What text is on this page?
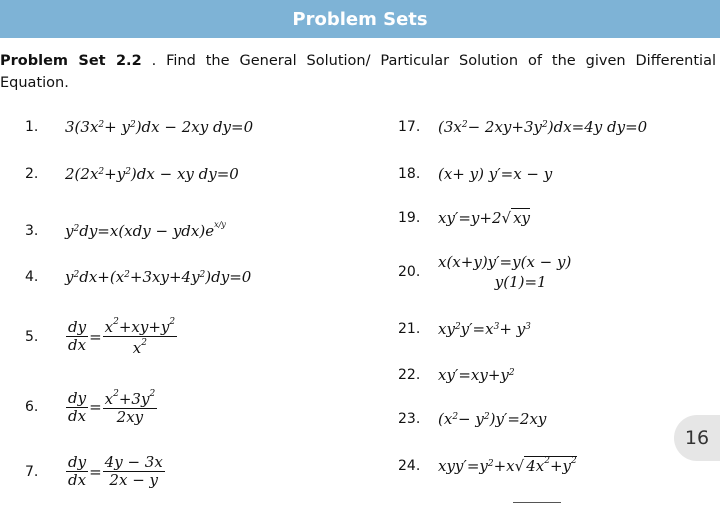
Problem Sets
Problem Set 2.2 . Find the General Solution/ Particular Solution of the given Differential Equation.
1.	$3(3x^2 + y^2$ )dx − 2xy dy=0
2.	$2(2x^2 +y^2$ )dx − xy dy=0
3.	$y^2$ $dy=x(xdy - ydx)e^{x/y}$
4.	$y^2$ $dx+(x^2 +3xy+4y^2$ )dy=0
5.	$\frac{dy}{dx} = \frac{x^2+xy+y^2}{x^2}$
6.	$\frac{dy}{dx} = \frac{x^2+3y^2}{2xy}$
7.	$\frac{dy}{dx} = \frac{4y - 3x}{2x - y}$
17.	($3x^2 - 2xy+3y^2$ )dx=4y dy=0
18.	(x+ y) y′=x − y
19.	xy′=y+2√ xy
20.
x(x+y)y′=y(x − y)
y(1)=1
21.	$xy^2$ $y'=x^3 + y^3$
22.	$xy'=xy+y^2$
23.	($x^2 - y^2$ )y′=2xy
24.	$xyy'=y^2 +x√$ $4x^2+y^2$
16
